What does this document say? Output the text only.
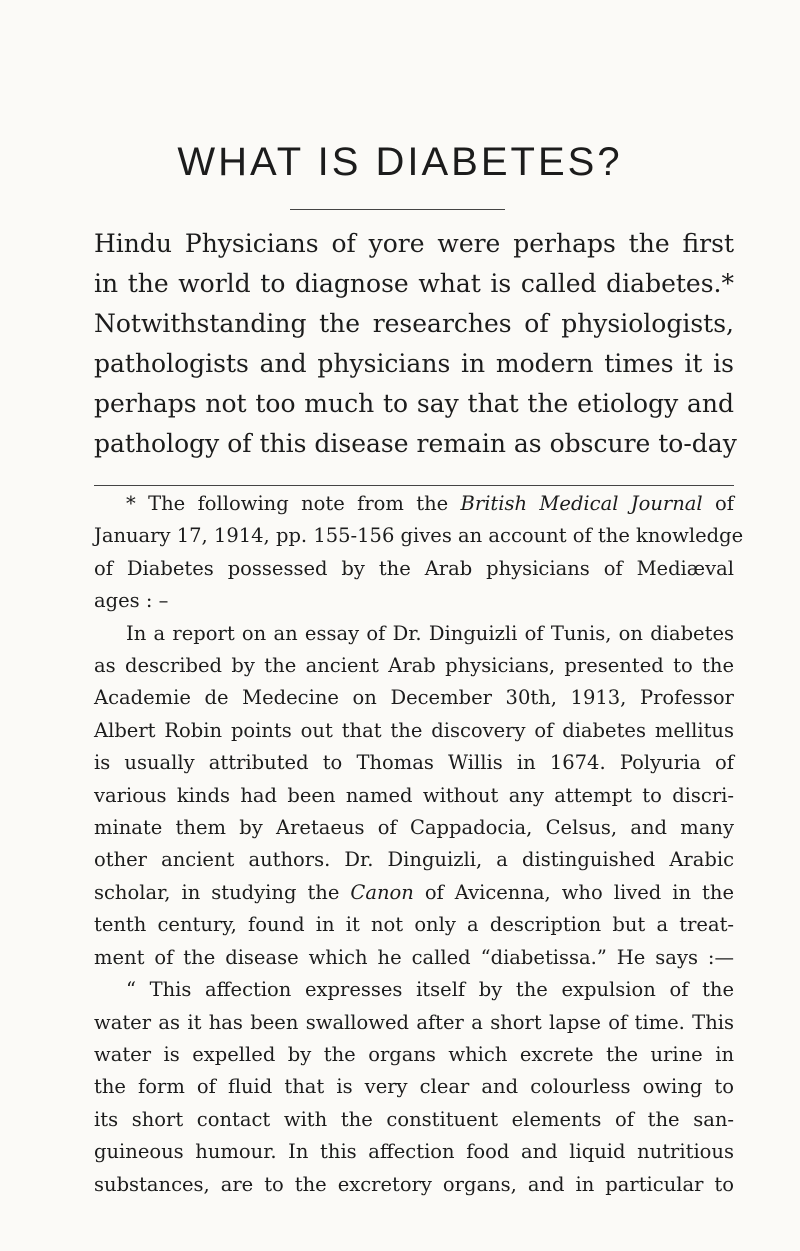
WHAT IS DIABETES?

Hindu Physicians of yore were perhaps the first
in the world to diagnose what is called diabetes.*
Notwithstanding the researches of physiologists,
pathologists and physicians in modern times it is
perhaps not too much to say that the etiology and
pathology of this disease remain as obscure to-day

* The following note from the British Medical Journal of
January 17, 1914, pp. 155-156 gives an account of the knowledge
of Diabetes possessed by the Arab physicians of Mediæval
ages : –
In a report on an essay of Dr. Dinguizli of Tunis, on diabetes
as described by the ancient Arab physicians, presented to the
Academie de Medecine on December 30th, 1913, Professor
Albert Robin points out that the discovery of diabetes mellitus
is usually attributed to Thomas Willis in 1674. Polyuria of
various kinds had been named without any attempt to discri-
minate them by Aretaeus of Cappadocia, Celsus, and many
other ancient authors. Dr. Dinguizli, a distinguished Arabic
scholar, in studying the Canon of Avicenna, who lived in the
tenth century, found in it not only a description but a treat-
ment of the disease which he called “diabetissa.” He says :—
“ This affection expresses itself by the expulsion of the
water as it has been swallowed after a short lapse of time. This
water is expelled by the organs which excrete the urine in
the form of fluid that is very clear and colourless owing to
its short contact with the constituent elements of the san-
guineous humour. In this affection food and liquid nutritious
substances, are to the excretory organs, and in particular to
